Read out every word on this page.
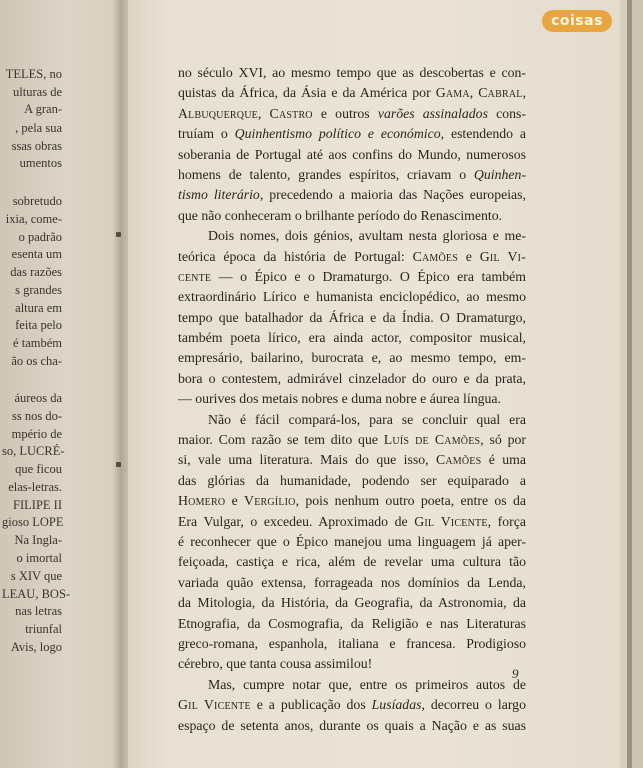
TELES, no
ulturas de
A gran-
, pela sua
ssas obras
umentos
sobretudo
ixia, come-
o padrão
esenta um
das razões
s grandes
altura em
feita pelo
é também
ão os cha-
áureos da
ss nos do-
mpério de
so, LUCRÉ-
que ficou
elas-letras.
FILIPE II
gioso LOPE
Na Ingla-
o imortal
s XIV que
LEAU, BOS-
nas letras
triunfal
Avis, logo
coisas
no século XVI, ao mesmo tempo que as descobertas e con-
quistas da África, da Ásia e da América por Gama, Cabral,
Albuquerque, Castro e outros varões assinalados cons-
truíam o Quinhentismo político e económico, estendendo a
soberania de Portugal até aos confins do Mundo, numerosos
homens de talento, grandes espíritos, criavam o Quinhen-
tismo literário, precedendo a maioria das Nações europeias,
que não conheceram o brilhante período do Renascimento.
Dois nomes, dois génios, avultam nesta gloriosa e me-
teórica época da história de Portugal: Camões e Gil Vi-
cente — o Épico e o Dramaturgo. O Épico era também
extraordinário Lírico e humanista enciclopédico, ao mesmo
tempo que batalhador da África e da Índia. O Dramaturgo,
também poeta lírico, era ainda actor, compositor musical,
empresário, bailarino, burocrata e, ao mesmo tempo, em-
bora o contestem, admirável cinzelador do ouro e da prata,
— ourives dos metais nobres e duma nobre e áurea língua.
Não é fácil compará-los, para se concluir qual era
maior. Com razão se tem dito que Luís de Camões, só por
si, vale uma literatura. Mais do que isso, Camões é uma
das glórias da humanidade, podendo ser equiparado a
Homero e Vergílio, pois nenhum outro poeta, entre os da
Era Vulgar, o excedeu. Aproximado de Gil Vicente, força
é reconhecer que o Épico manejou uma linguagem já aper-
feiçoada, castiça e rica, além de revelar uma cultura tão
variada quão extensa, forrageada nos domínios da Lenda,
da Mitologia, da História, da Geografia, da Astronomia, da
Etnografia, da Cosmografia, da Religião e nas Literaturas
greco-romana, espanhola, italiana e francesa. Prodigioso
cérebro, que tanta cousa assimilou!
Mas, cumpre notar que, entre os primeiros autos de
Gil Vicente e a publicação dos Lusíadas, decorreu o largo
espaço de setenta anos, durante os quais a Nação e as suas
9
